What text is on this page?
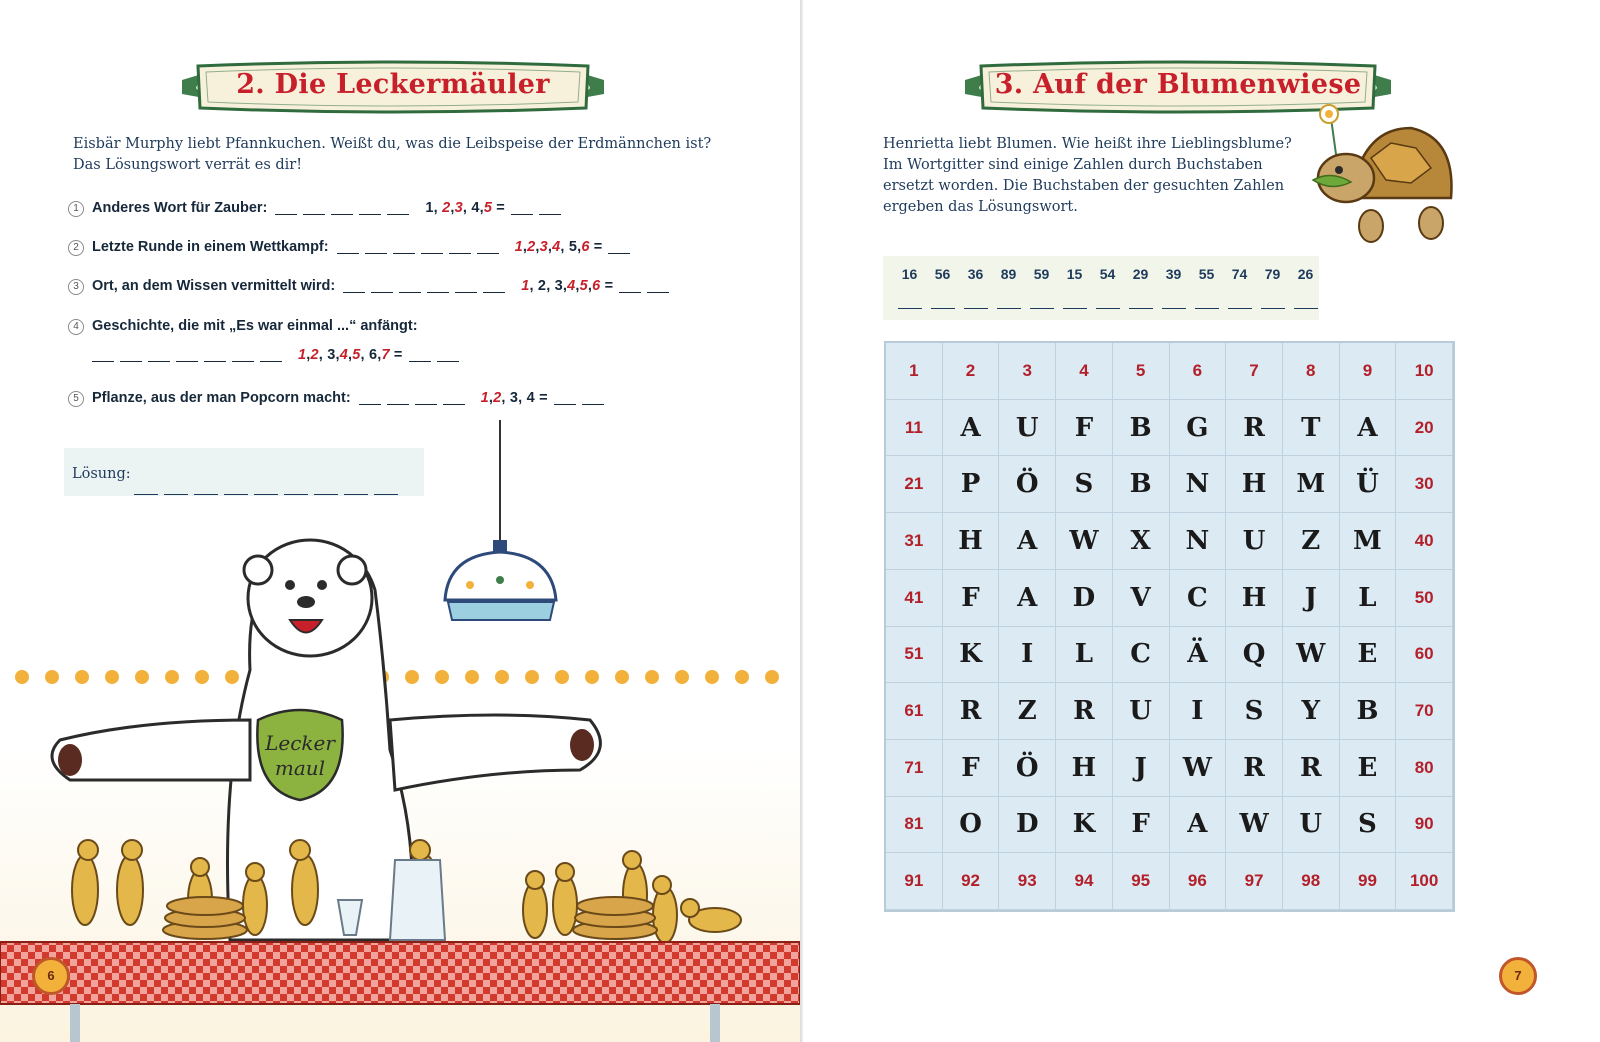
2. Die Leckermäuler
Eisbär Murphy liebt Pfannkuchen. Weißt du, was die Leibspeise der Erdmännchen ist?
Das Lösungswort verrät es dir!
1 Anderes Wort für Zauber:	1, 2,3, 4,5 =
2 Letzte Runde in einem Wettkampf:	1,2,3,4, 5,6 =
3 Ort, an dem Wissen vermittelt wird:	1, 2, 3,4,5,6 =
4 Geschichte, die mit „Es war einmal ...“ anfängt:
1,2, 3,4,5, 6,7 =
5 Pflanze, aus der man Popcorn macht:	1,2, 3, 4 =
Lösung:
Lecker
maul
6
3. Auf der Blumenwiese
Henrietta liebt Blumen. Wie heißt ihre Lieblingsblume?
Im Wortgitter sind einige Zahlen durch Buchstaben
ersetzt worden. Die Buchstaben der gesuchten Zahlen
ergeben das Lösungswort.
16	56	36	89	59	15	54	29	39	55	74	79	26
1	2	3	4	5	6	7	8	9	10
11	A	U	F	B	G	R	T	A	20
21	P	Ö	S	B	N	H	M	Ü	30
31	H	A	W	X	N	U	Z	M	40
41	F	A	D	V	C	H	J	L	50
51	K	I	L	C	Ä	Q	W	E	60
61	R	Z	R	U	I	S	Y	B	70
71	F	Ö	H	J	W	R	R	E	80
81	O	D	K	F	A	W	U	S	90
91	92	93	94	95	96	97	98	99	100
7
